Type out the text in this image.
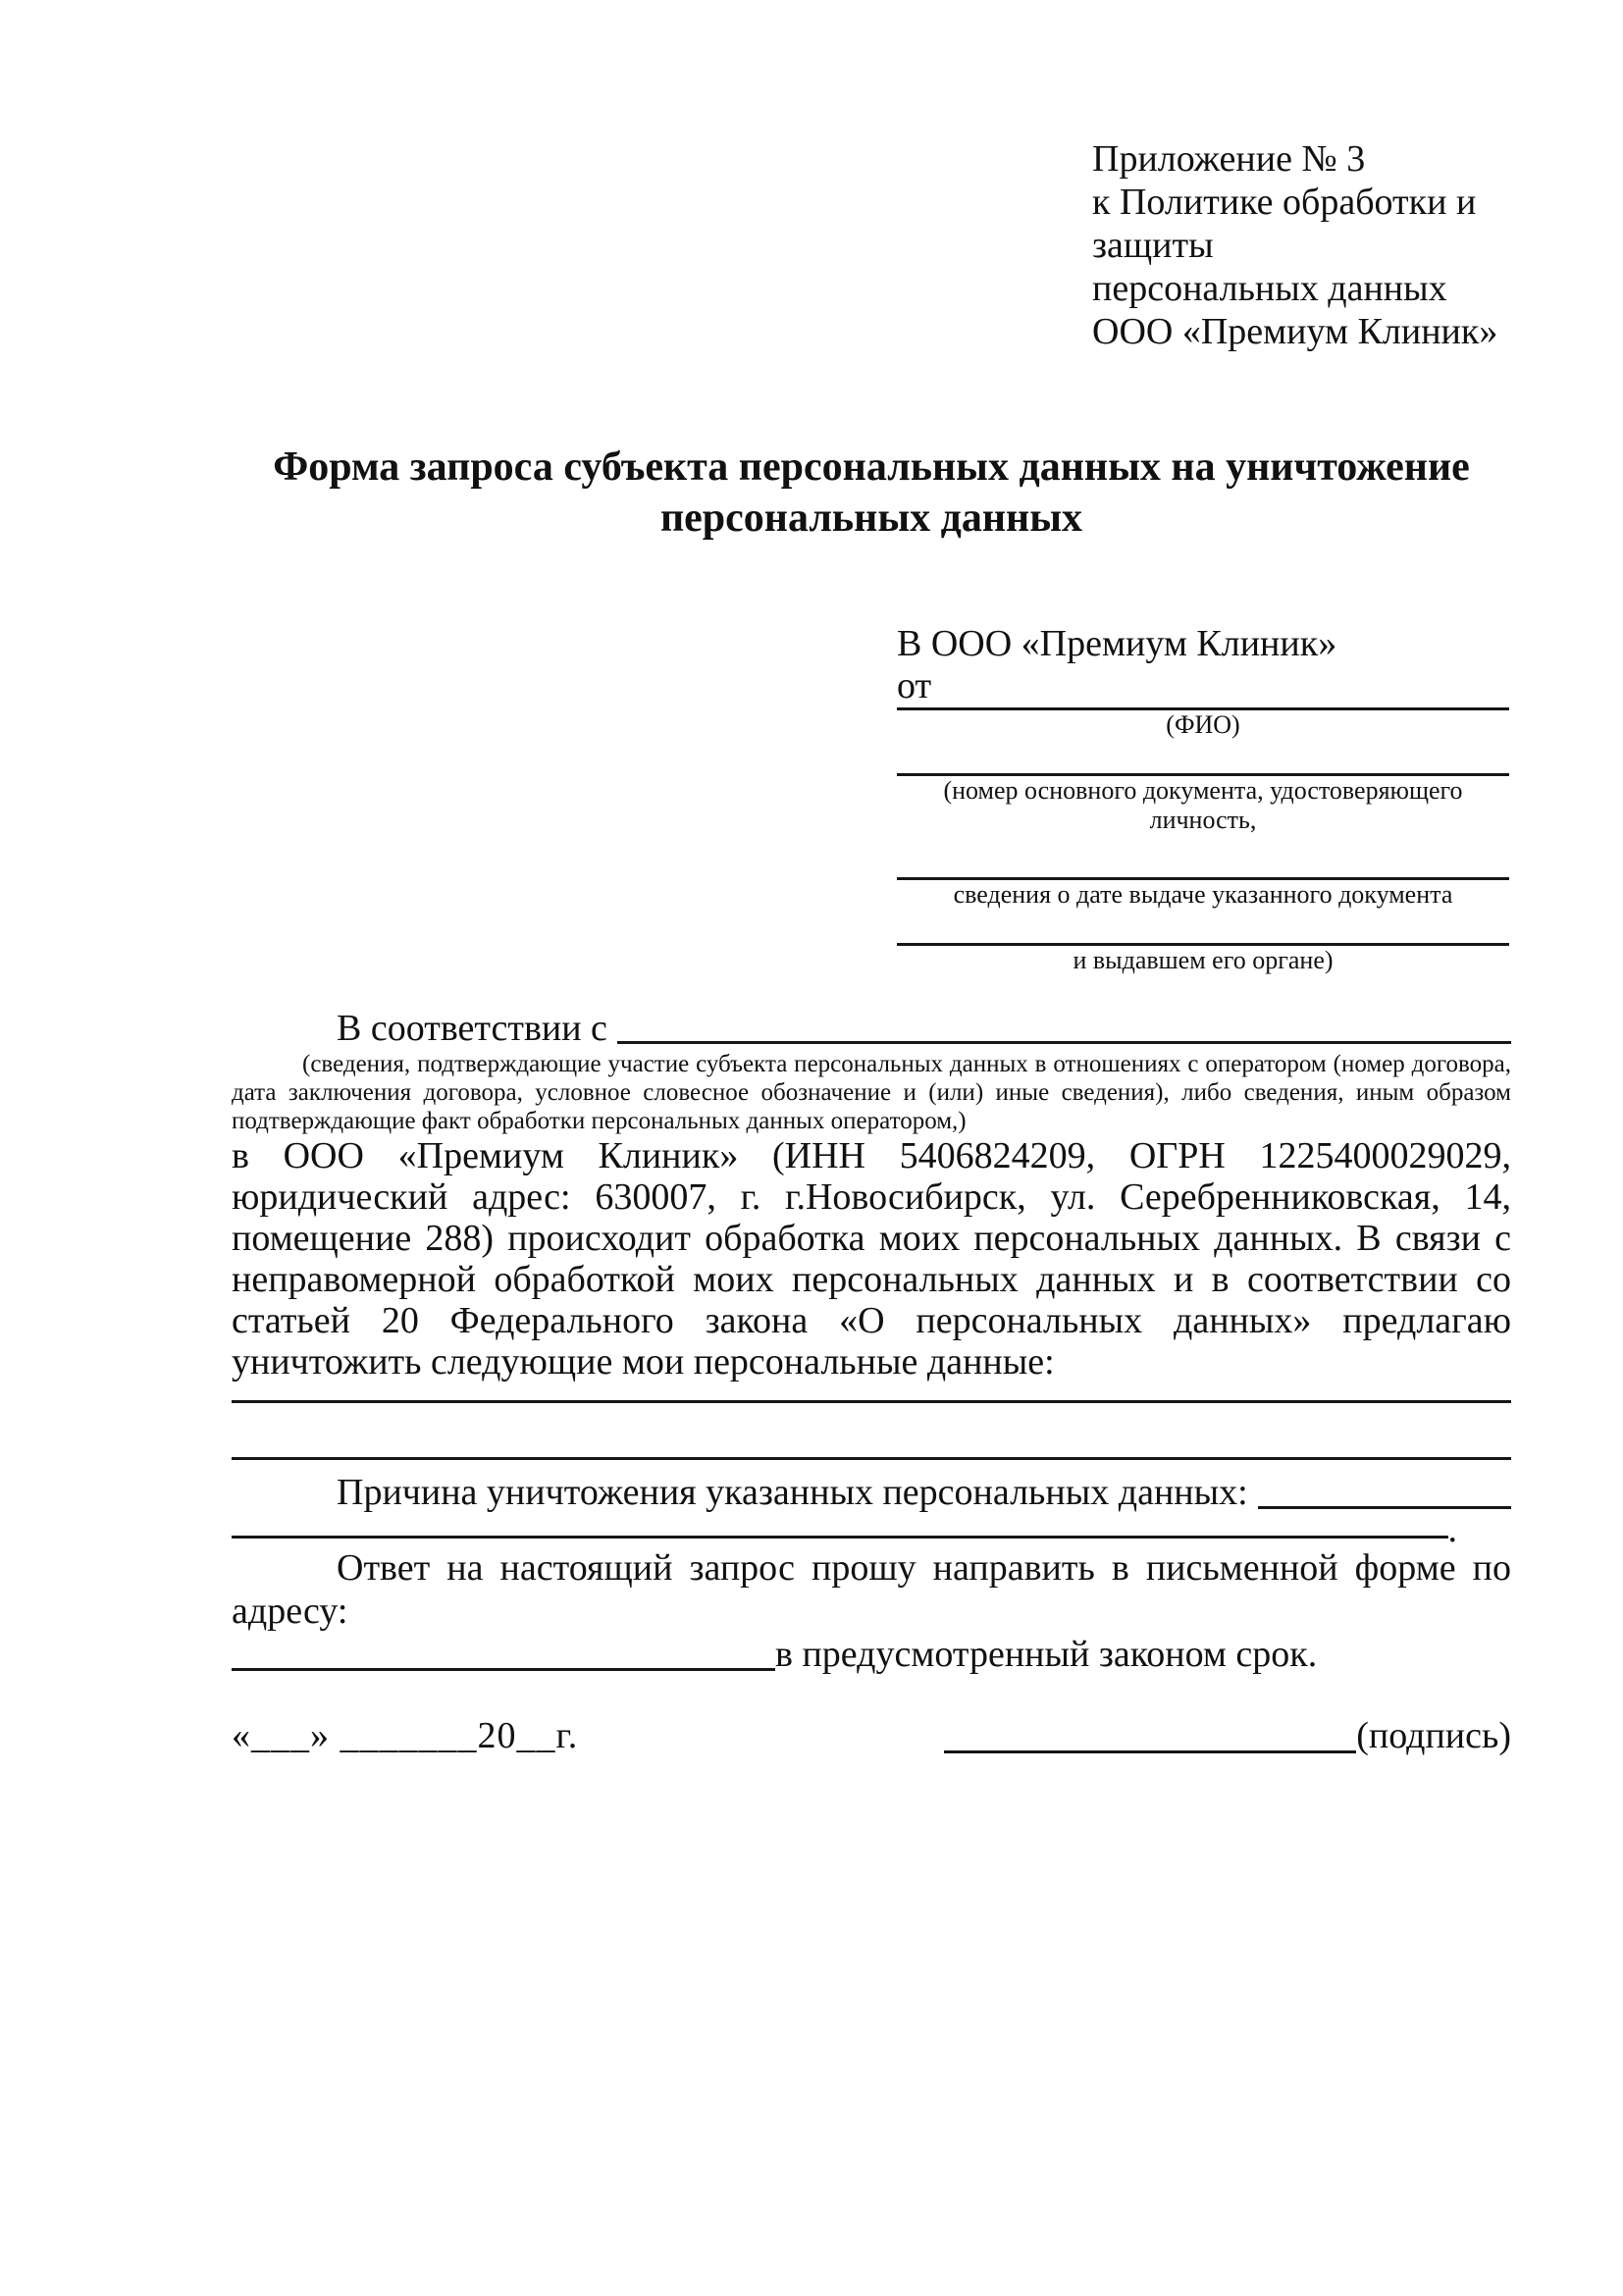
Приложение № 3
к Политике обработки и защиты
персональных данных
ООО «Премиум Клиник»
Форма запроса субъекта персональных данных на уничтожение персональных данных
В ООО «Премиум Клиник»
от
(ФИО)
(номер основного документа, удостоверяющего личность,
сведения о дате выдаче указанного документа
и выдавшем его органе)
В соответствии с
(сведения, подтверждающие участие субъекта персональных данных в отношениях с оператором (номер договора, дата заключения договора, условное словесное обозначение и (или) иные сведения), либо сведения, иным образом подтверждающие факт обработки персональных данных оператором,)
в ООО «Премиум Клиник» (ИНН 5406824209, ОГРН 1225400029029, юридический адрес: 630007, г. г.Новосибирск, ул. Серебренниковская, 14, помещение 288) происходит обработка моих персональных данных. В связи с неправомерной обработкой моих персональных данных и в соответствии со статьей 20 Федерального закона «О персональных данных» предлагаю уничтожить следующие мои персональные данные:
Причина уничтожения указанных персональных данных:
.
Ответ на настоящий запрос прошу направить в письменной форме по адресу:
в предусмотренный законом срок.
«___» _______20__г.	(подпись)
